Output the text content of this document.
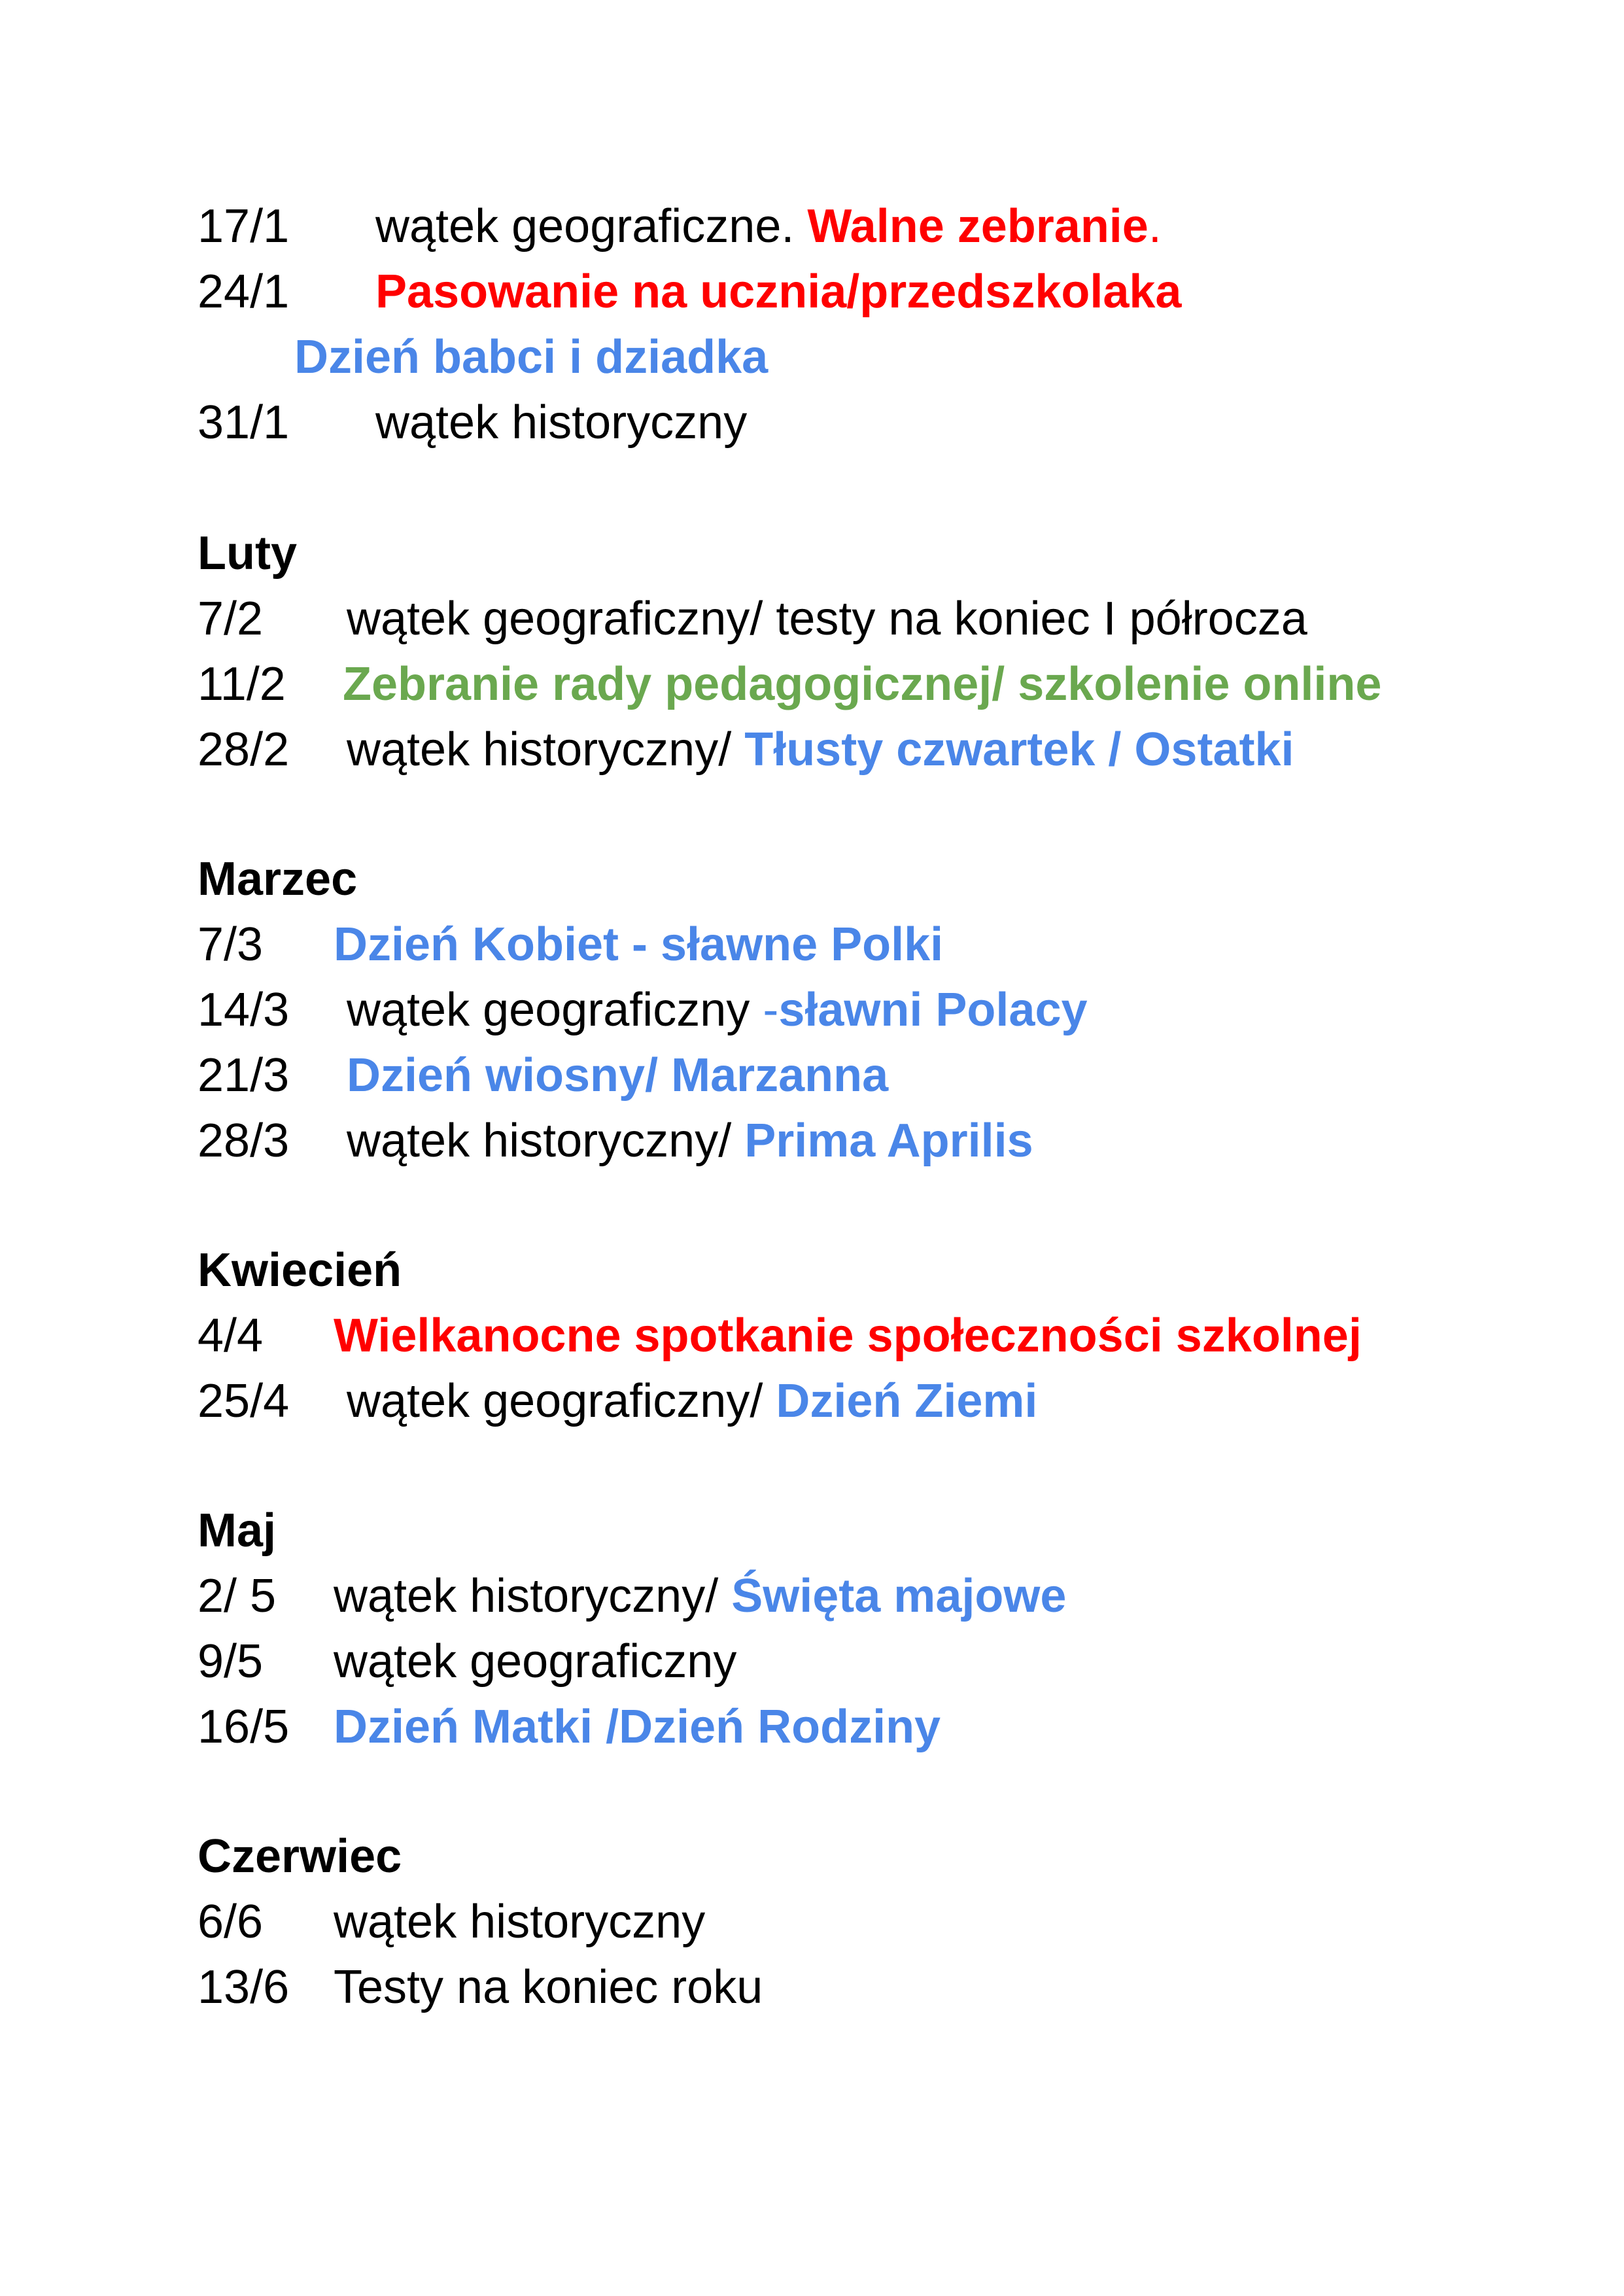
17/1 wątek geograficzne. Walne zebranie.
24/1 Pasowanie na ucznia/przedszkolaka
Dzień babci i dziadka
31/1 wątek historyczny
Luty
7/2 wątek geograficzny/ testy na koniec I półrocza
11/2 Zebranie rady pedagogicznej/ szkolenie online
28/2 wątek historyczny/ Tłusty czwartek / Ostatki
Marzec
7/3 Dzień Kobiet - sławne Polki
14/3 wątek geograficzny -sławni Polacy
21/3 Dzień wiosny/ Marzanna
28/3 wątek historyczny/ Prima Aprilis
Kwiecień
4/4 Wielkanocne spotkanie społeczności szkolnej
25/4 wątek geograficzny/ Dzień Ziemi
Maj
2/ 5 wątek historyczny/ Święta majowe
9/5 wątek geograficzny
16/5 Dzień Matki /Dzień Rodziny
Czerwiec
6/6 wątek historyczny
13/6 Testy na koniec roku
